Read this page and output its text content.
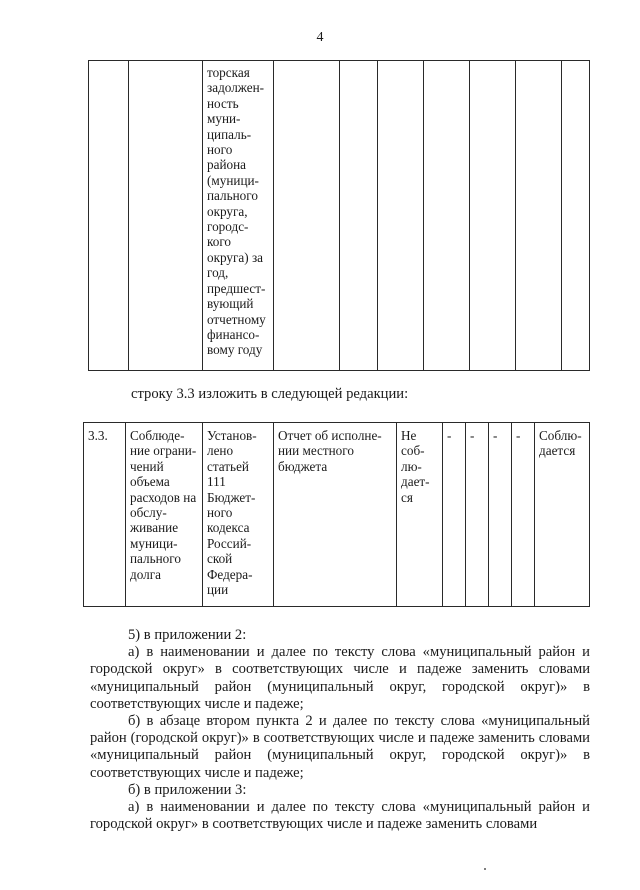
4
		торская задолжен- ность муни- ципаль- ного района (муници- пального округа, городс- кого округа) за год, предшест- вующий отчетному финансо- вому году							
строку 3.3 изложить в следующей редакции:
3.3.	Соблюде- ние ограни- чений объема расходов на обслу- живание муници- пального долга	Установ- лено статьей 111 Бюджет- ного кодекса Россий- ской Федера- ции	Отчет об исполне- нии местного бюджета	Не соб- лю- дает- ся	-	-	-	-	Соблю- дается

5) в приложении 2:

а) в наименовании и далее по тексту слова «муниципальный район и городской округ» в соответствующих числе и падеже заменить словами «муниципальный район (муниципальный округ, городской округ)» в соответствующих числе и падеже;

б) в абзаце втором пункта 2 и далее по тексту слова «муниципальный район (городской округ)» в соответствующих числе и падеже заменить словами «муниципальный район (муниципальный округ, городской округ)» в соответствующих числе и падеже;

б) в приложении 3:

а) в наименовании и далее по тексту слова «муниципальный район и городской округ» в соответствующих числе и падеже заменить словами
